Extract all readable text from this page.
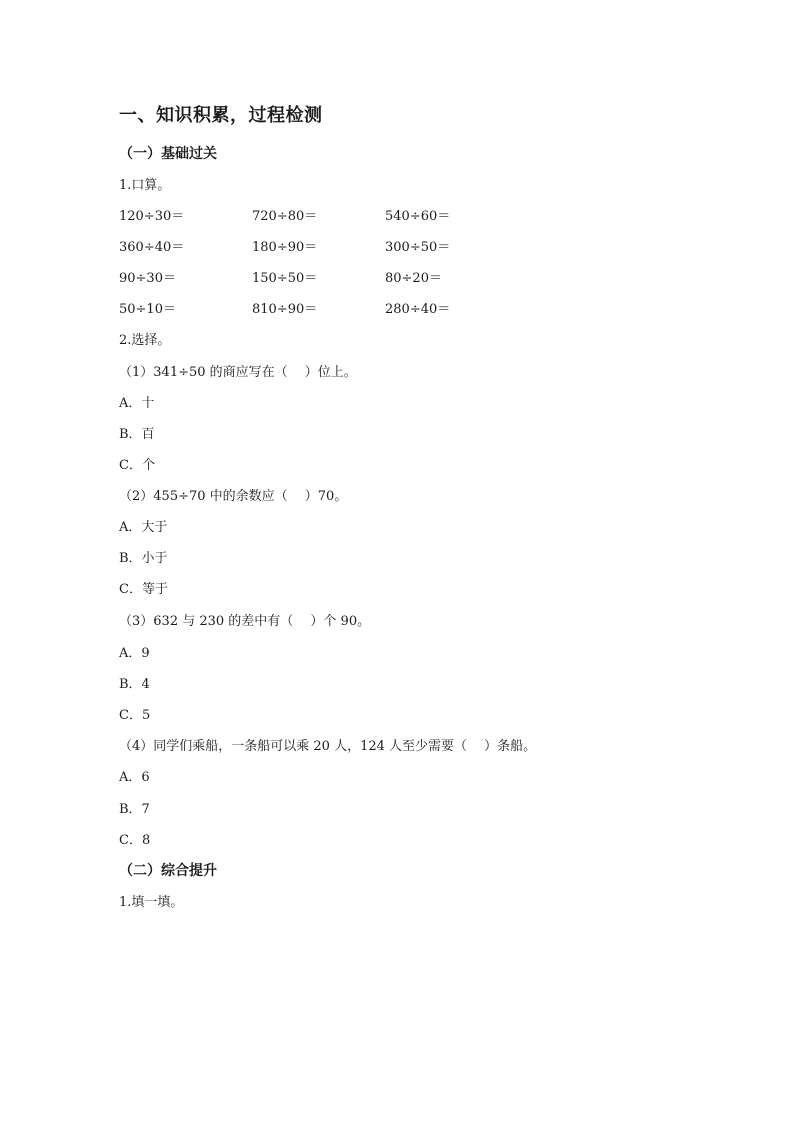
一、知识积累，过程检测
（一）基础过关
1.口算。
120÷30＝	720÷80＝	540÷60＝
360÷40＝	180÷90＝	300÷50＝
90÷30＝	150÷50＝	80÷20＝
50÷10＝	810÷90＝	280÷40＝
2.选择。
（1）341÷50 的商应写在（　 ）位上。
A．十
B．百
C．个
（2）455÷70 中的余数应（　 ）70。
A．大于
B．小于
C．等于
（3）632 与 230 的差中有（　 ）个 90。
A．9
B．4
C．5
（4）同学们乘船，一条船可以乘 20 人，124 人至少需要（　 ）条船。
A．6
B．7
C．8
（二）综合提升
1.填一填。
